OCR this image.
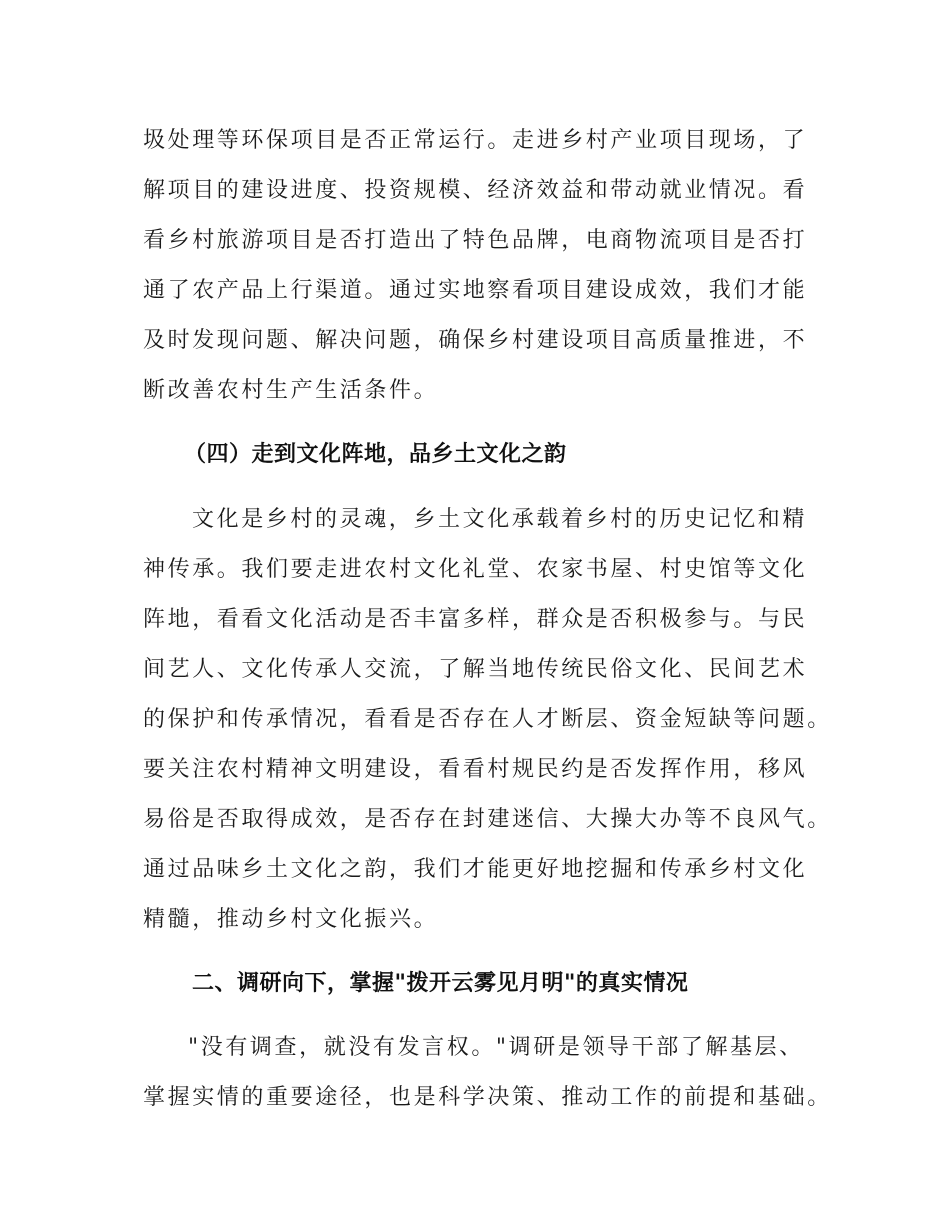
圾处理等环保项目是否正常运行。走进乡村产业项目现场，了
解项目的建设进度、投资规模、经济效益和带动就业情况。看
看乡村旅游项目是否打造出了特色品牌，电商物流项目是否打
通了农产品上行渠道。通过实地察看项目建设成效，我们才能
及时发现问题、解决问题，确保乡村建设项目高质量推进，不
断改善农村生产生活条件。
（四）走到文化阵地，品乡土文化之韵
文化是乡村的灵魂，乡土文化承载着乡村的历史记忆和精
神传承。我们要走进农村文化礼堂、农家书屋、村史馆等文化
阵地，看看文化活动是否丰富多样，群众是否积极参与。与民
间艺人、文化传承人交流，了解当地传统民俗文化、民间艺术
的保护和传承情况，看看是否存在人才断层、资金短缺等问题。
要关注农村精神文明建设，看看村规民约是否发挥作用，移风
易俗是否取得成效，是否存在封建迷信、大操大办等不良风气。
通过品味乡土文化之韵，我们才能更好地挖掘和传承乡村文化
精髓，推动乡村文化振兴。
二、调研向下，掌握"拨开云雾见月明"的真实情况
"没有调查，就没有发言权。"调研是领导干部了解基层、
掌握实情的重要途径，也是科学决策、推动工作的前提和基础。
